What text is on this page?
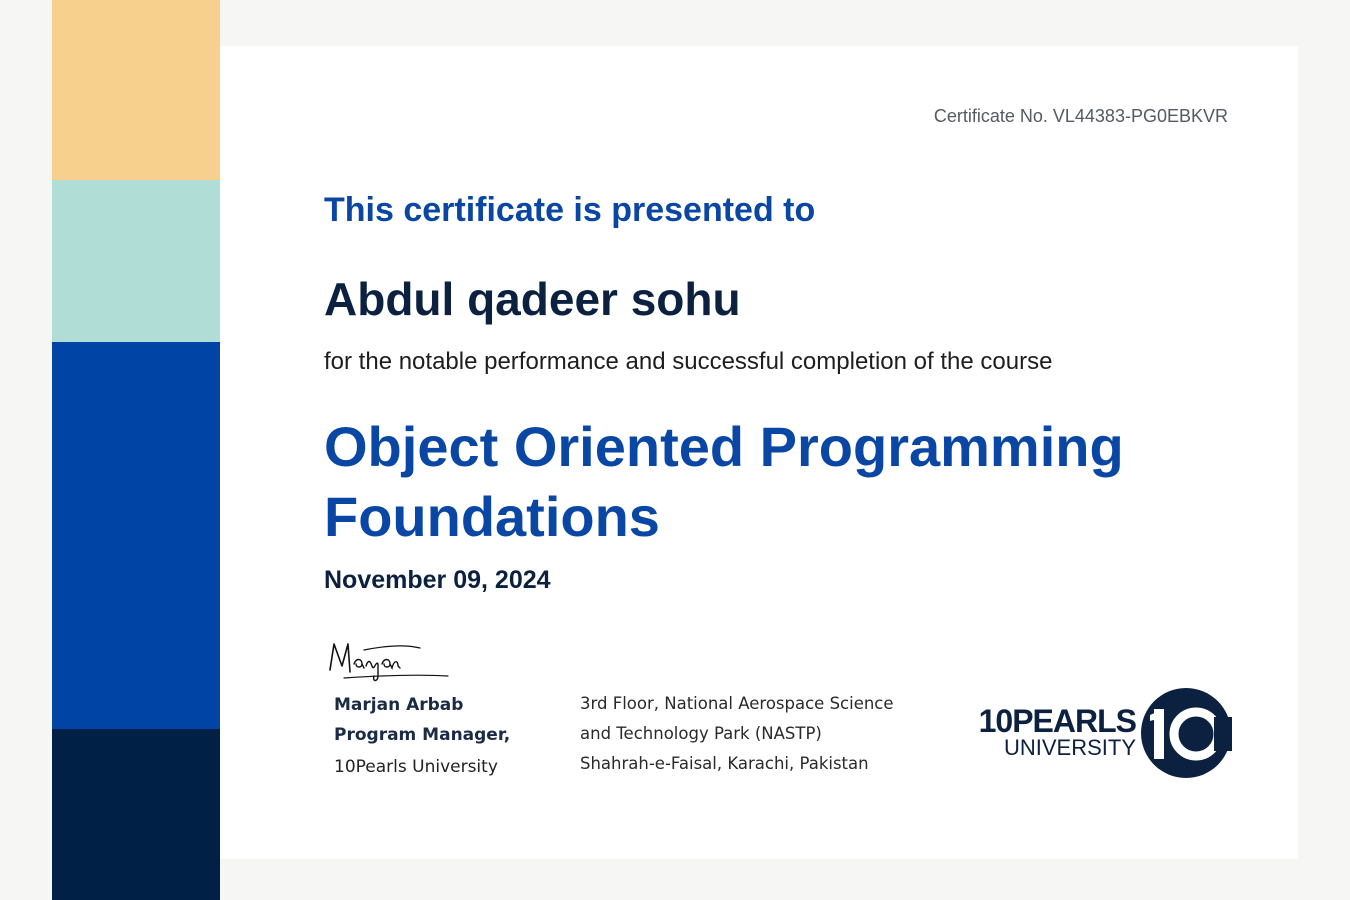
Certificate No. VL44383-PG0EBKVR
This certificate is presented to
Abdul qadeer sohu
for the notable performance and successful completion of the course
Object Oriented Programming
Foundations
November 09, 2024
Marjan Arbab
Program Manager,
10Pearls University
3rd Floor, National Aerospace Science
and Technology Park (NASTP)
Shahrah-e-Faisal, Karachi, Pakistan
10PEARLS
UNIVERSITY
